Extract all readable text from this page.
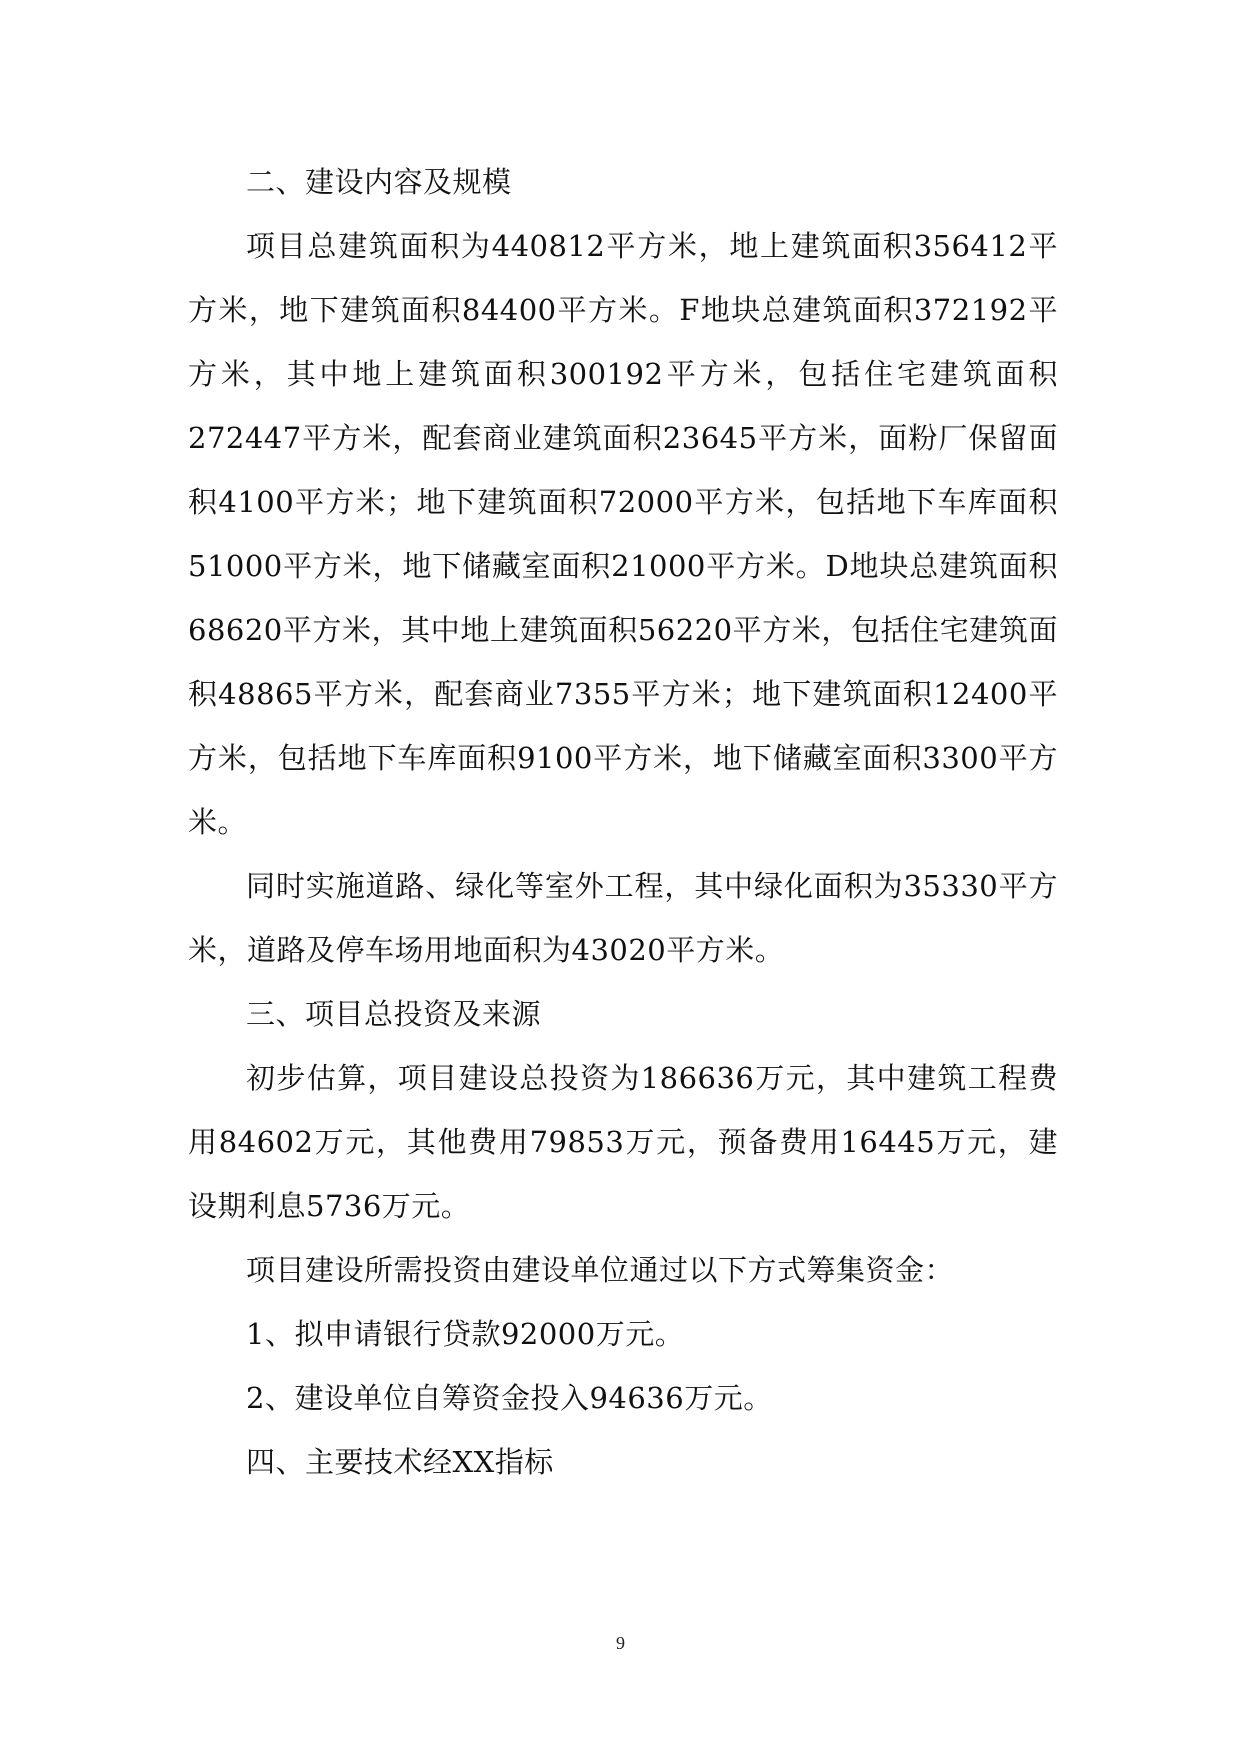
二、建设内容及规模

项目总建筑面积为440812平方米，地上建筑面积356412平方米，地下建筑面积84400平方米。F地块总建筑面积372192平方米，其中地上建筑面积300192平方米，包括住宅建筑面积272447平方米，配套商业建筑面积23645平方米，面粉厂保留面积4100平方米；地下建筑面积72000平方米，包括地下车库面积51000平方米，地下储藏室面积21000平方米。D地块总建筑面积68620平方米，其中地上建筑面积56220平方米，包括住宅建筑面积48865平方米，配套商业7355平方米；地下建筑面积12400平方米，包括地下车库面积9100平方米，地下储藏室面积3300平方米。

同时实施道路、绿化等室外工程，其中绿化面积为35330平方米，道路及停车场用地面积为43020平方米。

三、项目总投资及来源

初步估算，项目建设总投资为186636万元，其中建筑工程费用84602万元，其他费用79853万元，预备费用16445万元，建设期利息5736万元。

项目建设所需投资由建设单位通过以下方式筹集资金：

1、拟申请银行贷款92000万元。

2、建设单位自筹资金投入94636万元。

四、主要技术经XX指标

9
